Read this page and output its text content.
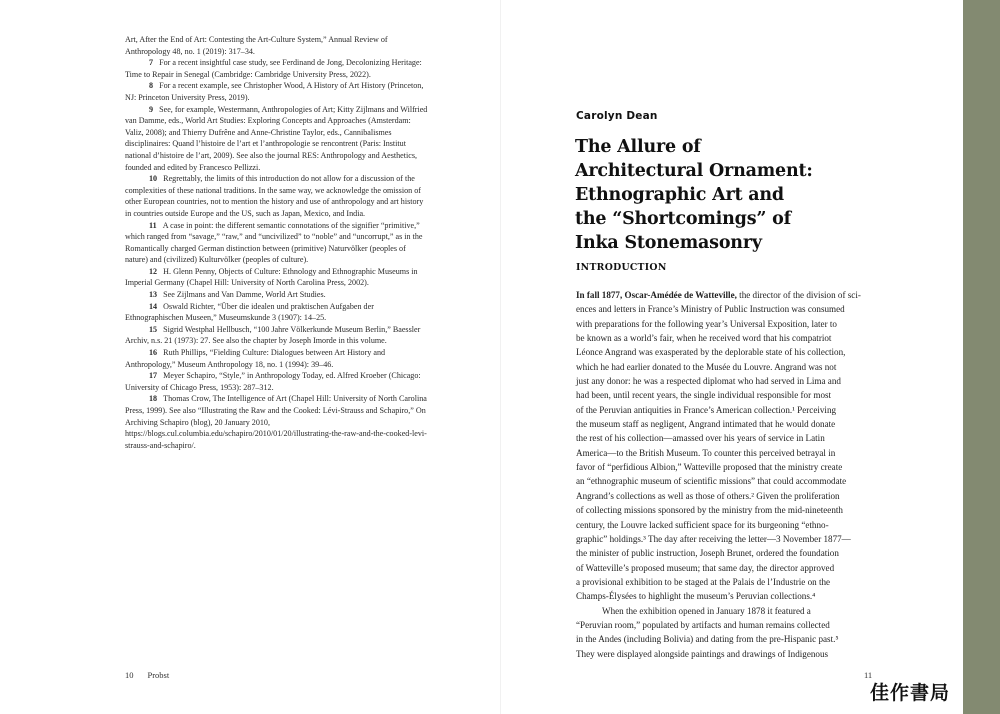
Art, After the End of Art: Contesting the Art-Culture System,” Annual Review of Anthropology 48, no. 1 (2019): 317–34.

7 For a recent insightful case study, see Ferdinand de Jong, Decolonizing Heritage: Time to Repair in Senegal (Cambridge: Cambridge University Press, 2022).

8 For a recent example, see Christopher Wood, A History of Art History (Princeton, NJ: Princeton University Press, 2019).

9 See, for example, Westermann, Anthropologies of Art; Kitty Zijlmans and Wilfried van Damme, eds., World Art Studies: Exploring Concepts and Approaches (Amsterdam: Valiz, 2008); and Thierry Dufrêne and Anne-Christine Taylor, eds., Cannibalismes disciplinaires: Quand l’histoire de l’art et l’anthropologie se rencontrent (Paris: Institut national d’histoire de l’art, 2009). See also the journal RES: Anthropology and Aesthetics, founded and edited by Francesco Pellizzi.

10 Regrettably, the limits of this introduction do not allow for a discussion of the complexities of these national traditions. In the same way, we acknowledge the omission of other European countries, not to mention the history and use of anthropology and art history in countries outside Europe and the US, such as Japan, Mexico, and India.

11 A case in point: the different semantic connotations of the signifier “primitive,” which ranged from “savage,” “raw,” and “uncivilized” to “noble” and “uncorrupt,” as in the Romantically charged German distinction between (primitive) Naturvölker (peoples of nature) and (civilized) Kulturvölker (peoples of culture).

12 H. Glenn Penny, Objects of Culture: Ethnology and Ethnographic Museums in Imperial Germany (Chapel Hill: University of North Carolina Press, 2002).

13 See Zijlmans and Van Damme, World Art Studies.

14 Oswald Richter, “Über die idealen und praktischen Aufgaben der Ethnographischen Museen,” Museumskunde 3 (1907): 14–25.

15 Sigrid Westphal Hellbusch, “100 Jahre Völkerkunde Museum Berlin,” Baessler Archiv, n.s. 21 (1973): 27. See also the chapter by Joseph Imorde in this volume.

16 Ruth Phillips, “Fielding Culture: Dialogues between Art History and Anthropology,” Museum Anthropology 18, no. 1 (1994): 39–46.

17 Meyer Schapiro, “Style,” in Anthropology Today, ed. Alfred Kroeber (Chicago: University of Chicago Press, 1953): 287–312.

18 Thomas Crow, The Intelligence of Art (Chapel Hill: University of North Carolina Press, 1999). See also “Illustrating the Raw and the Cooked: Lévi-Strauss and Schapiro,” On Archiving Schapiro (blog), 20 January 2010, https://blogs.cul.columbia.edu/schapiro/2010/01/20/illustrating-the-raw-and-the-cooked-levi-strauss-and-schapiro/.

10 Probst
Carolyn Dean
The Allure of
Architectural Ornament:
Ethnographic Art and
the “Shortcomings” of
Inka Stonemasonry
INTRODUCTION
In fall 1877, Oscar-Amédée de Watteville, the director of the division of sci-
ences and letters in France’s Ministry of Public Instruction was consumed
with preparations for the following year’s Universal Exposition, later to
be known as a world’s fair, when he received word that his compatriot
Léonce Angrand was exasperated by the deplorable state of his collection,
which he had earlier donated to the Musée du Louvre. Angrand was not
just any donor: he was a respected diplomat who had served in Lima and
had been, until recent years, the single individual responsible for most
of the Peruvian antiquities in France’s American collection.¹ Perceiving
the museum staff as negligent, Angrand intimated that he would donate
the rest of his collection—amassed over his years of service in Latin
America—to the British Museum. To counter this perceived betrayal in
favor of “perfidious Albion,” Watteville proposed that the ministry create
an “ethnographic museum of scientific missions” that could accommodate
Angrand’s collections as well as those of others.² Given the proliferation
of collecting missions sponsored by the ministry from the mid-nineteenth
century, the Louvre lacked sufficient space for its burgeoning “ethno-
graphic” holdings.³ The day after receiving the letter—3 November 1877—
the minister of public instruction, Joseph Brunet, ordered the foundation
of Watteville’s proposed museum; that same day, the director approved
a provisional exhibition to be staged at the Palais de l’Industrie on the
Champs-Élysées to highlight the museum’s Peruvian collections.⁴
When the exhibition opened in January 1878 it featured a
“Peruvian room,” populated by artifacts and human remains collected
in the Andes (including Bolivia) and dating from the pre-Hispanic past.⁵
They were displayed alongside paintings and drawings of Indigenous
11
佳作書局
